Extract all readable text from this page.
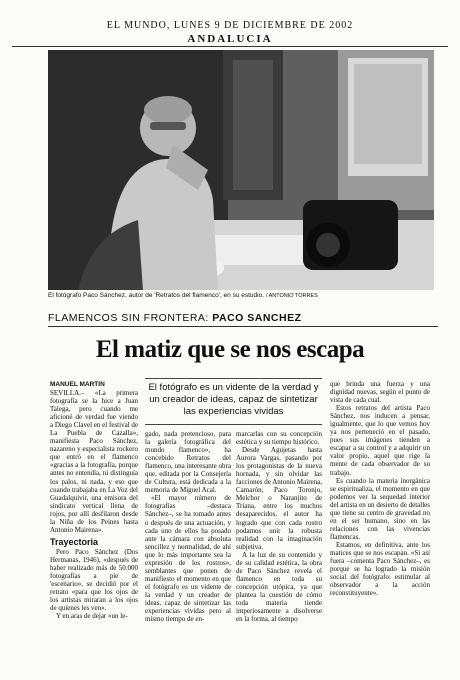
EL MUNDO, LUNES 9 DE DICIEMBRE DE 2002
ANDALUCIA
El fotógrafo Paco Sánchez, autor de 'Retratos del flamenco', en su estudio. / ANTONIO TORRES
FLAMENCOS SIN FRONTERA: PACO SANCHEZ
El matiz que se nos escapa
El fotógrafo es un vidente de la verdad y un creador de ideas, capaz de sintetizar las experiencias vividas
MANUEL MARTIN

SEVILLA.– «La primera fotografía se la hice a Juan Talega, pero cuando me aficioné de verdad fue viendo a Diego Clavel en el festival de La Puebla de Cazalla», manifiesta Paco Sánchez, nazareno y especialista rockero que entró en el flamenco «gracias a la fotografía, porque antes no entendía, ni distinguía los palos, ni nada, y eso que cuando trabajaba en La Voz del Guadalquivir, una emisora del sindicato vertical llena de rojos, por allí desfilaron desde la Niña de los Peines hasta Antonio Mairena».

Trayectoria

Pero Paco Sánchez (Dos Hermanas, 1946), «después de haber realizado más de 50.000 fotografías a pie de 'escenario», se decidió por el retrato «para que los ojos de los artistas miraran a los ojos de quienes les ven».

Y en aras de dejar «un le-

gado, nada pretencioso, para la galería fotográfica del mundo flamenco», ha concebido Retratos del flamenco, una interesante obra que, editada por la Consejería de Cultura, está dedicada a la memoria de Miguel Acal.

«El mayor número de fotografías –destaca Sánchez–, se ha tomado antes o después de una actuación, y cada uno de ellos ha posado ante la cámara con absoluta sencillez y normalidad, de ahí que lo más importante sea la expresión de los rostros», semblantes que ponen de manifiesto el momento en que el fotógrafo es un vidente de la verdad y un creador de ideas, capaz de sintetizar las experiencias vividas pero al mismo tiempo de en-

marcarlas con su concepción estética y su tiempo histórico.

Desde Agujetas hasta Aurora Vargas, pasando por los protagonistas de la nueva hornada, y sin olvidar las facciones de Antonio Mairena, Camarón, Paco Toronjo, Melchor o Naranjito de Triana, entre los muchos desaparecidos, el autor ha logrado que con cada rostro podamos unir la robusta realidad con la imaginación subjetiva.

A la luz de su contenido y de su calidad estética, la obra de Paco Sánchez revela el flamenco en toda su concepción utópica, ya que plantea la cuestión de cómo toda materia tiende imperiosamente a disolverse en la forma, al tiempo

que brinda una fuerza y una dignidad nuevas, según el punto de vista de cada cual.

Estos retratos del artista Paco Sánchez, nos inducen a pensar, igualmente, que lo que vemos hoy ya nos perteneció en el pasado, pues sus imágenes tienden a escapar a su control y a adquirir un valor propio, aquel que rige la mente de cada observador de su trabajo.

Es cuando la materia inorgánica se espiritualiza, el momento en que podemos ver la sequedad interior del artista en un desierto de detalles que tiene su centro de gravedad no en el ser humano, sino en las relaciones con las vivencias flamencas.

Estamos, en definitiva, ante los matices que se nos escapan. «Si así fuera –comenta Paco Sánchez–, es porque se ha logrado la misión social del fotógrafo: estimular al observador a la acción reconstituyente».
